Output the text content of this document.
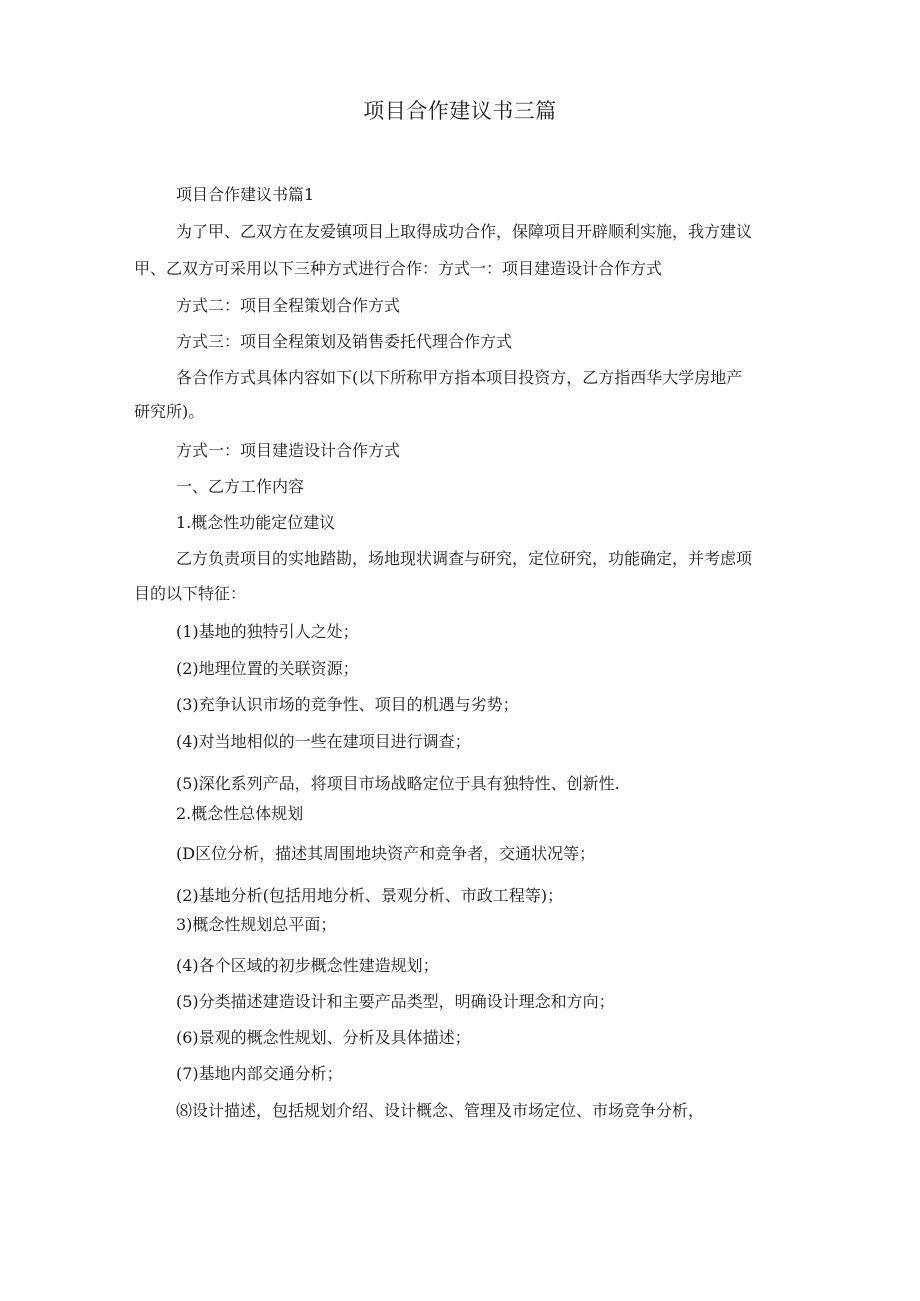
项目合作建议书三篇
项目合作建议书篇1
为了甲、乙双方在友爱镇项目上取得成功合作，保障项目开辟顺利实施，我方建议
甲、乙双方可采用以下三种方式进行合作：方式一：项目建造设计合作方式
方式二：项目全程策划合作方式
方式三：项目全程策划及销售委托代理合作方式
各合作方式具体内容如下(以下所称甲方指本项目投资方，乙方指西华大学房地产
研究所)。
方式一：项目建造设计合作方式
一、乙方工作内容
1.概念性功能定位建议
乙方负责项目的实地踏勘，场地现状调查与研究，定位研究，功能确定，并考虑项
目的以下特征：
(1)基地的独特引人之处；
(2)地理位置的关联资源；
(3)充争认识市场的竞争性、项目的机遇与劣势；
(4)对当地相似的一些在建项目进行调查；
(5)深化系列产品，将项目市场战略定位于具有独特性、创新性.
2.概念性总体规划
(D区位分析，描述其周围地块资产和竞争者，交通状况等；
(2)基地分析(包括用地分析、景观分析、市政工程等)；
3)概念性规划总平面；
(4)各个区域的初步概念性建造规划；
(5)分类描述建造设计和主要产品类型，明确设计理念和方向；
(6)景观的概念性规划、分析及具体描述；
(7)基地内部交通分析；
⑻设计描述，包括规划介绍、设计概念、管理及市场定位、市场竞争分析，
